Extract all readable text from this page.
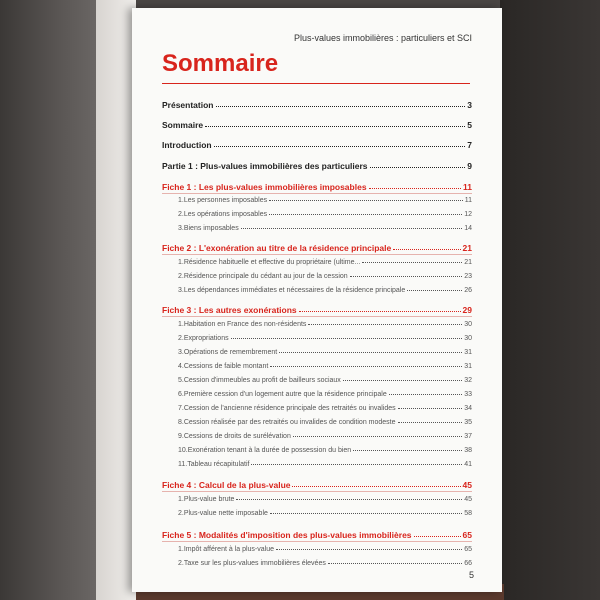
Plus-values immobilières : particuliers et SCI
Sommaire
Présentation	3
Sommaire	5
Introduction	7
Partie 1 : Plus-values immobilières des particuliers	9
Fiche 1 : Les plus-values immobilières imposables	11
1.Les personnes imposables	11
2.Les opérations imposables	12
3.Biens imposables	14
Fiche 2 : L'exonération au titre de la résidence principale	21
1.Résidence habituelle et effective du propriétaire (ultime...	21
2.Résidence principale du cédant au jour de la cession	23
3.Les dépendances immédiates et nécessaires de la résidence principale	26
Fiche 3 : Les autres exonérations	29
1.Habitation en France des non-résidents	30
2.Expropriations	30
3.Opérations de remembrement	31
4.Cessions de faible montant	31
5.Cession d'immeubles au profit de bailleurs sociaux	32
6.Première cession d'un logement autre que la résidence principale	33
7.Cession de l'ancienne résidence principale des retraités ou invalides	34
8.Cession réalisée par des retraités ou invalides de condition modeste	35
9.Cessions de droits de surélévation	37
10.Exonération tenant à la durée de possession du bien	38
11.Tableau récapitulatif	41
Fiche 4 : Calcul de la plus-value	45
1.Plus-value brute	45
2.Plus-value nette imposable	58
Fiche 5 : Modalités d'imposition des plus-values immobilières	65
1.Impôt afférent à la plus-value	65
2.Taxe sur les plus-values immobilières élevées	66
5
